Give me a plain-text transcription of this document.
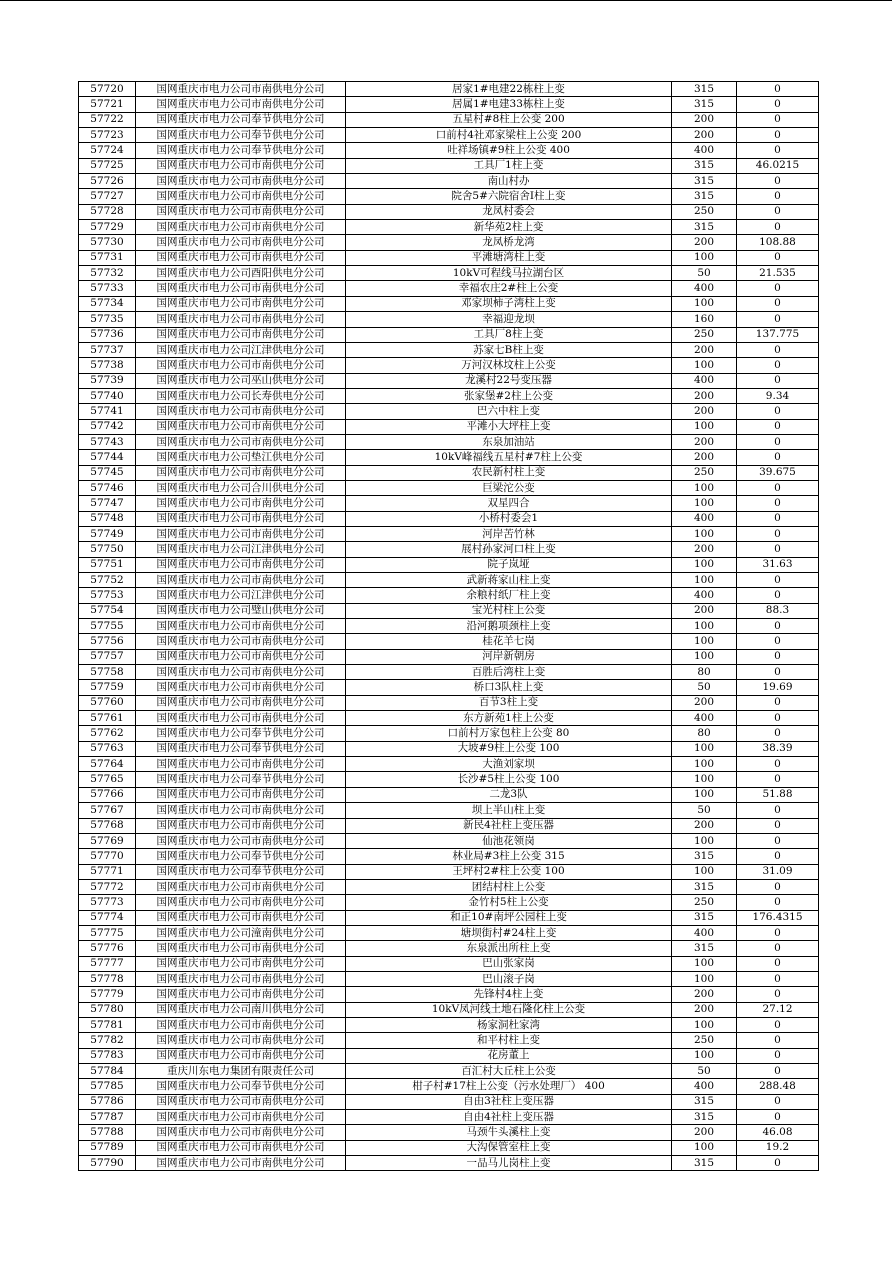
57720	国网重庆市电力公司市南供电分公司	居家1#电建22栋柱上变	315	0
57721	国网重庆市电力公司市南供电分公司	居属1#电建33栋柱上变	315	0
57722	国网重庆市电力公司奉节供电分公司	五星村#8柱上公变 200	200	0
57723	国网重庆市电力公司奉节供电分公司	口前村4社邓家梁柱上公变 200	200	0
57724	国网重庆市电力公司奉节供电分公司	吐祥场镇#9柱上公变 400	400	0
57725	国网重庆市电力公司市南供电分公司	工具厂1柱上变	315	46.0215
57726	国网重庆市电力公司市南供电分公司	南山村办	315	0
57727	国网重庆市电力公司市南供电分公司	院舍5#六院宿舍Ⅰ柱上变	315	0
57728	国网重庆市电力公司市南供电分公司	龙凤村委会	250	0
57729	国网重庆市电力公司市南供电分公司	新华苑2柱上变	315	0
57730	国网重庆市电力公司市南供电分公司	龙凤桥龙湾	200	108.88
57731	国网重庆市电力公司市南供电分公司	平滩塘湾柱上变	100	0
57732	国网重庆市电力公司酉阳供电分公司	10kV可程线马拉湖台区	50	21.535
57733	国网重庆市电力公司市南供电分公司	幸福农庄2#柱上公变	400	0
57734	国网重庆市电力公司市南供电分公司	邓家坝柿子湾柱上变	100	0
57735	国网重庆市电力公司市南供电分公司	幸福迎龙坝	160	0
57736	国网重庆市电力公司市南供电分公司	工具厂8柱上变	250	137.775
57737	国网重庆市电力公司江津供电分公司	苏家七B柱上变	200	0
57738	国网重庆市电力公司市南供电分公司	万河汉林坟柱上公变	100	0
57739	国网重庆市电力公司巫山供电分公司	龙溪村22号变压器	400	0
57740	国网重庆市电力公司长寿供电分公司	张家堡#2柱上公变	200	9.34
57741	国网重庆市电力公司市南供电分公司	巴六中柱上变	200	0
57742	国网重庆市电力公司市南供电分公司	平滩小大坪柱上变	100	0
57743	国网重庆市电力公司市南供电分公司	东泉加油站	200	0
57744	国网重庆市电力公司垫江供电分公司	10kV峰福线五星村#7柱上公变	200	0
57745	国网重庆市电力公司市南供电分公司	农民新村柱上变	250	39.675
57746	国网重庆市电力公司合川供电分公司	巨梁沱公变	100	0
57747	国网重庆市电力公司市南供电分公司	双星四合	100	0
57748	国网重庆市电力公司市南供电分公司	小桥村委会1	400	0
57749	国网重庆市电力公司市南供电分公司	河岸苦竹林	100	0
57750	国网重庆市电力公司江津供电分公司	展村孙家河口柱上变	200	0
57751	国网重庆市电力公司市南供电分公司	院子岚垭	100	31.63
57752	国网重庆市电力公司市南供电分公司	武新蒋家山柱上变	100	0
57753	国网重庆市电力公司江津供电分公司	余粮村纸厂柱上变	400	0
57754	国网重庆市电力公司璧山供电分公司	宝光村柱上公变	200	88.3
57755	国网重庆市电力公司市南供电分公司	沿河鹅项颈柱上变	100	0
57756	国网重庆市电力公司市南供电分公司	桂花羊七岗	100	0
57757	国网重庆市电力公司市南供电分公司	河岸新朝房	100	0
57758	国网重庆市电力公司市南供电分公司	百胜后湾柱上变	80	0
57759	国网重庆市电力公司市南供电分公司	桥口3队柱上变	50	19.69
57760	国网重庆市电力公司市南供电分公司	百节3柱上变	200	0
57761	国网重庆市电力公司市南供电分公司	东方新苑1柱上公变	400	0
57762	国网重庆市电力公司奉节供电分公司	口前村万家包柱上公变 80	80	0
57763	国网重庆市电力公司奉节供电分公司	大坡#9柱上公变 100	100	38.39
57764	国网重庆市电力公司市南供电分公司	大渔刘家坝	100	0
57765	国网重庆市电力公司奉节供电分公司	长沙#5柱上公变 100	100	0
57766	国网重庆市电力公司市南供电分公司	二龙3队	100	51.88
57767	国网重庆市电力公司市南供电分公司	坝上半山柱上变	50	0
57768	国网重庆市电力公司市南供电分公司	新民4社柱上变压器	200	0
57769	国网重庆市电力公司市南供电分公司	仙池花领岗	100	0
57770	国网重庆市电力公司奉节供电分公司	林业局#3柱上公变 315	315	0
57771	国网重庆市电力公司奉节供电分公司	王坪村2#柱上公变 100	100	31.09
57772	国网重庆市电力公司市南供电分公司	团结村柱上公变	315	0
57773	国网重庆市电力公司市南供电分公司	金竹村5柱上公变	250	0
57774	国网重庆市电力公司市南供电分公司	和正10#南坪公园柱上变	315	176.4315
57775	国网重庆市电力公司潼南供电分公司	塘坝街村#24柱上变	400	0
57776	国网重庆市电力公司市南供电分公司	东泉派出所柱上变	315	0
57777	国网重庆市电力公司市南供电分公司	巴山张家岗	100	0
57778	国网重庆市电力公司市南供电分公司	巴山滚子岗	100	0
57779	国网重庆市电力公司市南供电分公司	先锋村4柱上变	200	0
57780	国网重庆市电力公司南川供电分公司	10kV凤河线土地石隆化柱上公变	200	27.12
57781	国网重庆市电力公司市南供电分公司	杨家洞杜家湾	100	0
57782	国网重庆市电力公司市南供电分公司	和平村柱上变	250	0
57783	国网重庆市电力公司市南供电分公司	花房董上	100	0
57784	重庆川东电力集团有限责任公司	百汇村大丘柱上公变	50	0
57785	国网重庆市电力公司奉节供电分公司	柑子村#17柱上公变（污水处理厂） 400	400	288.48
57786	国网重庆市电力公司市南供电分公司	自由3社柱上变压器	315	0
57787	国网重庆市电力公司市南供电分公司	自由4社柱上变压器	315	0
57788	国网重庆市电力公司市南供电分公司	马颈牛头溪柱上变	200	46.08
57789	国网重庆市电力公司市南供电分公司	大沟保管室柱上变	100	19.2
57790	国网重庆市电力公司市南供电分公司	一品马儿岗柱上变	315	0
